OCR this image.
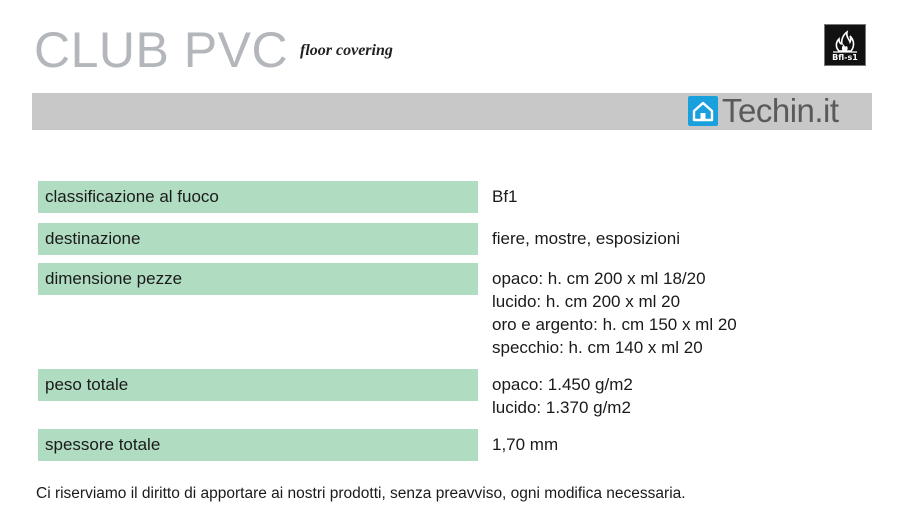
CLUB PVC floor covering	Bfl-s1
Techin.it
classificazione al fuoco	Bf1
destinazione	fiere, mostre, esposizioni
dimensione pezze	opaco: h. cm 200 x ml 18/20
lucido: h. cm 200 x ml 20
oro e argento: h. cm 150 x ml 20
specchio: h. cm 140 x ml 20
peso totale	opaco: 1.450 g/m2
lucido: 1.370 g/m2
spessore totale	1,70 mm
Ci riserviamo il diritto di apportare ai nostri prodotti, senza preavviso, ogni modifica necessaria.
